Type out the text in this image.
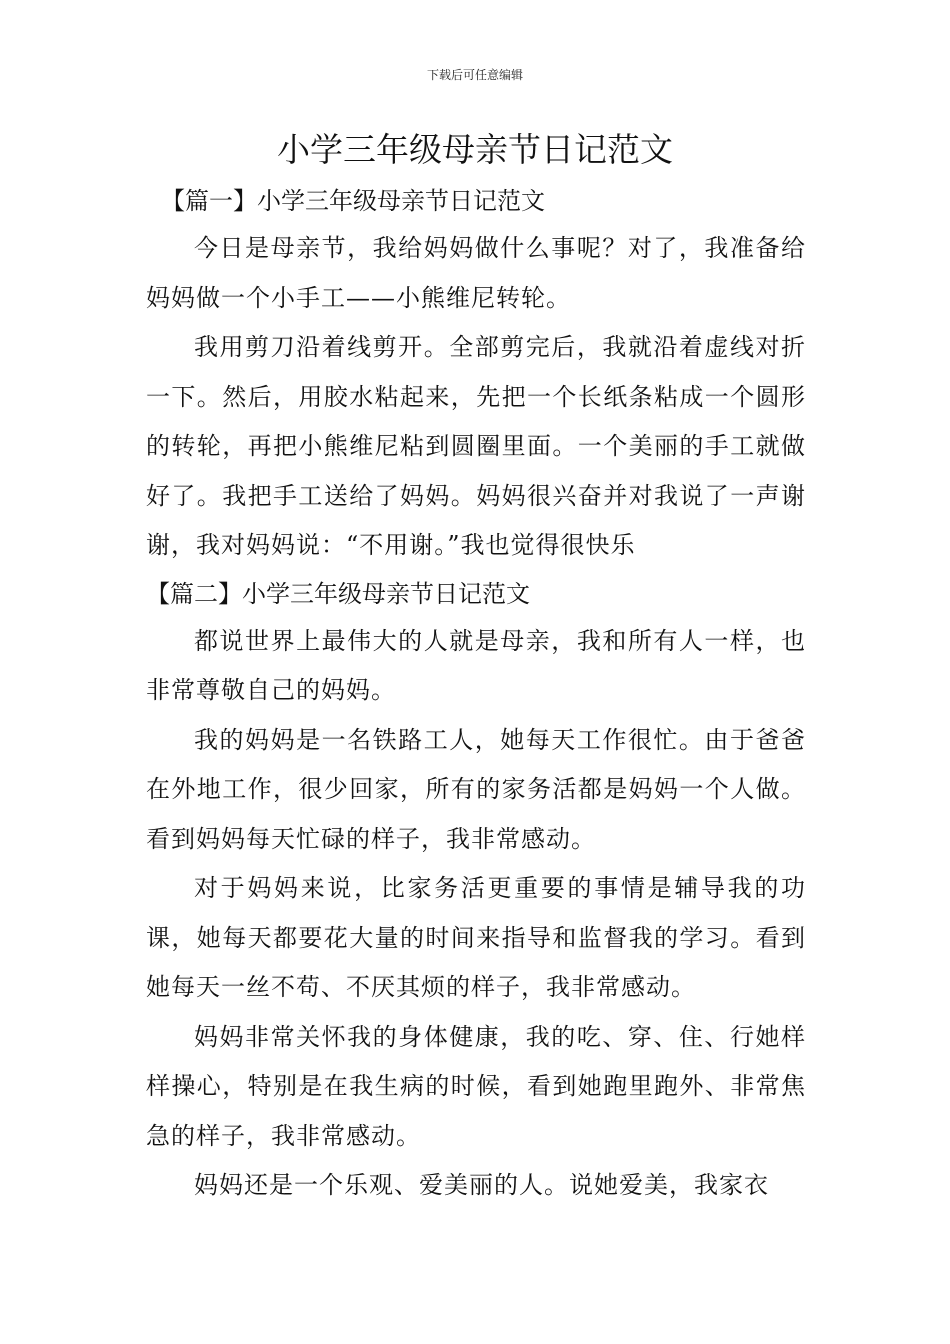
下载后可任意编辑
小学三年级母亲节日记范文

【篇一】小学三年级母亲节日记范文

今日是母亲节，我给妈妈做什么事呢？对了，我准备给妈妈做一个小手工——小熊维尼转轮。

我用剪刀沿着线剪开。全部剪完后，我就沿着虚线对折一下。然后，用胶水粘起来，先把一个长纸条粘成一个圆形的转轮，再把小熊维尼粘到圆圈里面。一个美丽的手工就做好了。我把手工送给了妈妈。妈妈很兴奋并对我说了一声谢谢，我对妈妈说：“不用谢。”我也觉得很快乐

【篇二】小学三年级母亲节日记范文

都说世界上最伟大的人就是母亲，我和所有人一样，也非常尊敬自己的妈妈。

我的妈妈是一名铁路工人，她每天工作很忙。由于爸爸在外地工作，很少回家，所有的家务活都是妈妈一个人做。看到妈妈每天忙碌的样子，我非常感动。

对于妈妈来说，比家务活更重要的事情是辅导我的功课，她每天都要花大量的时间来指导和监督我的学习。看到她每天一丝不苟、不厌其烦的样子，我非常感动。

妈妈非常关怀我的身体健康，我的吃、穿、住、行她样样操心，特别是在我生病的时候，看到她跑里跑外、非常焦急的样子，我非常感动。

妈妈还是一个乐观、爱美丽的人。说她爱美，我家衣
